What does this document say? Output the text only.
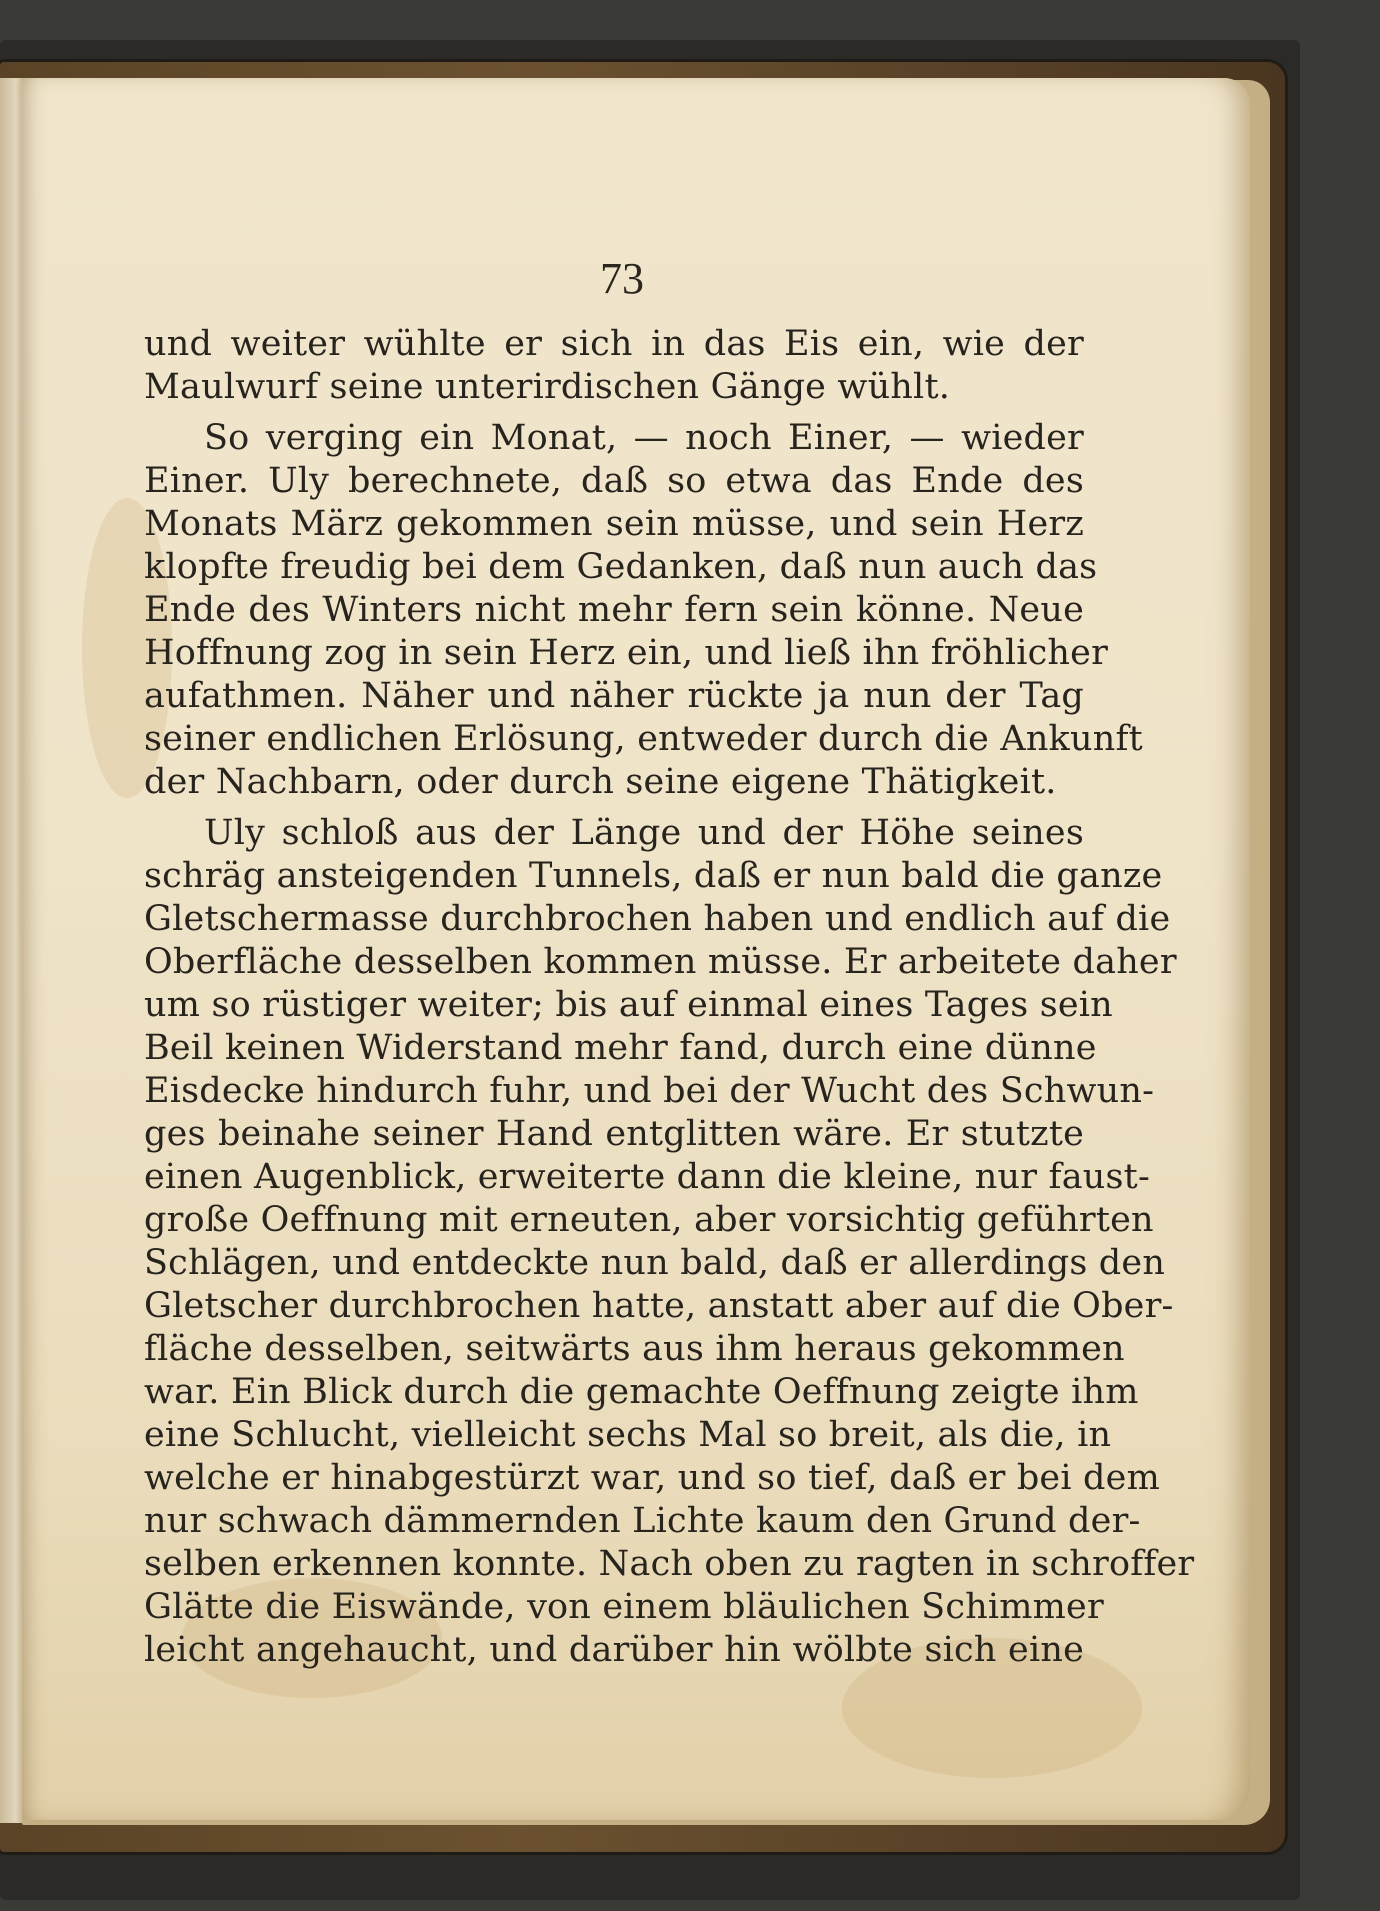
73

und weiter wühlte er sich in das Eis ein, wie der
Maulwurf seine unterirdischen Gänge wühlt.

So verging ein Monat, — noch Einer, — wieder
Einer. Uly berechnete, daß so etwa das Ende des
Monats März gekommen sein müsse, und sein Herz
klopfte freudig bei dem Gedanken, daß nun auch das
Ende des Winters nicht mehr fern sein könne. Neue
Hoffnung zog in sein Herz ein, und ließ ihn fröhlicher
aufathmen. Näher und näher rückte ja nun der Tag
seiner endlichen Erlösung, entweder durch die Ankunft
der Nachbarn, oder durch seine eigene Thätigkeit.

Uly schloß aus der Länge und der Höhe seines
schräg ansteigenden Tunnels, daß er nun bald die ganze
Gletschermasse durchbrochen haben und endlich auf die
Oberfläche desselben kommen müsse. Er arbeitete daher
um so rüstiger weiter; bis auf einmal eines Tages sein
Beil keinen Widerstand mehr fand, durch eine dünne
Eisdecke hindurch fuhr, und bei der Wucht des Schwun-
ges beinahe seiner Hand entglitten wäre. Er stutzte
einen Augenblick, erweiterte dann die kleine, nur faust-
große Oeffnung mit erneuten, aber vorsichtig geführten
Schlägen, und entdeckte nun bald, daß er allerdings den
Gletscher durchbrochen hatte, anstatt aber auf die Ober-
fläche desselben, seitwärts aus ihm heraus gekommen
war. Ein Blick durch die gemachte Oeffnung zeigte ihm
eine Schlucht, vielleicht sechs Mal so breit, als die, in
welche er hinabgestürzt war, und so tief, daß er bei dem
nur schwach dämmernden Lichte kaum den Grund der-
selben erkennen konnte. Nach oben zu ragten in schroffer
Glätte die Eiswände, von einem bläulichen Schimmer
leicht angehaucht, und darüber hin wölbte sich eine
